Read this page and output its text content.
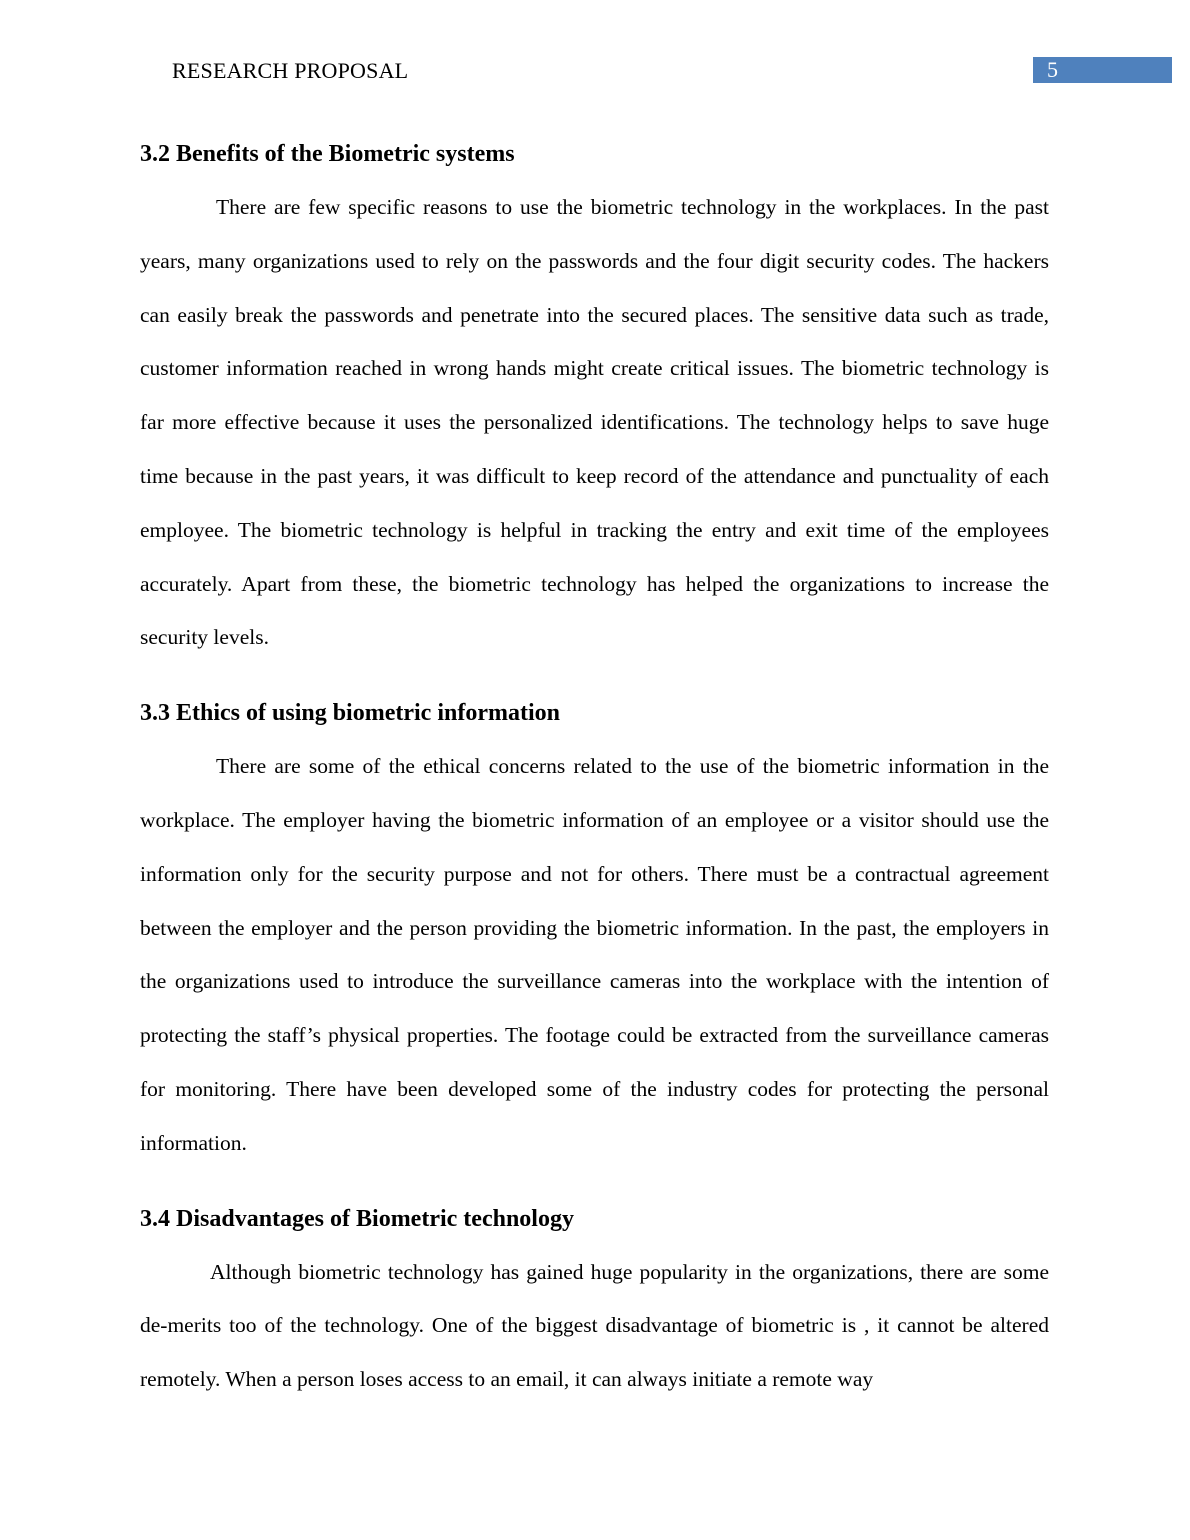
RESEARCH PROPOSAL	5
3.2 Benefits of the Biometric systems

There are few specific reasons to use the biometric technology in the workplaces. In the past years, many organizations used to rely on the passwords and the four digit security codes. The hackers can easily break the passwords and penetrate into the secured places. The sensitive data such as trade, customer information reached in wrong hands might create critical issues. The biometric technology is far more effective because it uses the personalized identifications. The technology helps to save huge time because in the past years, it was difficult to keep record of the attendance and punctuality of each employee. The biometric technology is helpful in tracking the entry and exit time of the employees accurately. Apart from these, the biometric technology has helped the organizations to increase the security levels.

3.3 Ethics of using biometric information

There are some of the ethical concerns related to the use of the biometric information in the workplace. The employer having the biometric information of an employee or a visitor should use the information only for the security purpose and not for others. There must be a contractual agreement between the employer and the person providing the biometric information. In the past, the employers in the organizations used to introduce the surveillance cameras into the workplace with the intention of protecting the staff’s physical properties. The footage could be extracted from the surveillance cameras for monitoring. There have been developed some of the industry codes for protecting the personal information.

3.4 Disadvantages of Biometric technology

Although biometric technology has gained huge popularity in the organizations, there are some de-merits too of the technology. One of the biggest disadvantage of biometric is , it cannot be altered remotely. When a person loses access to an email, it can always initiate a remote way
